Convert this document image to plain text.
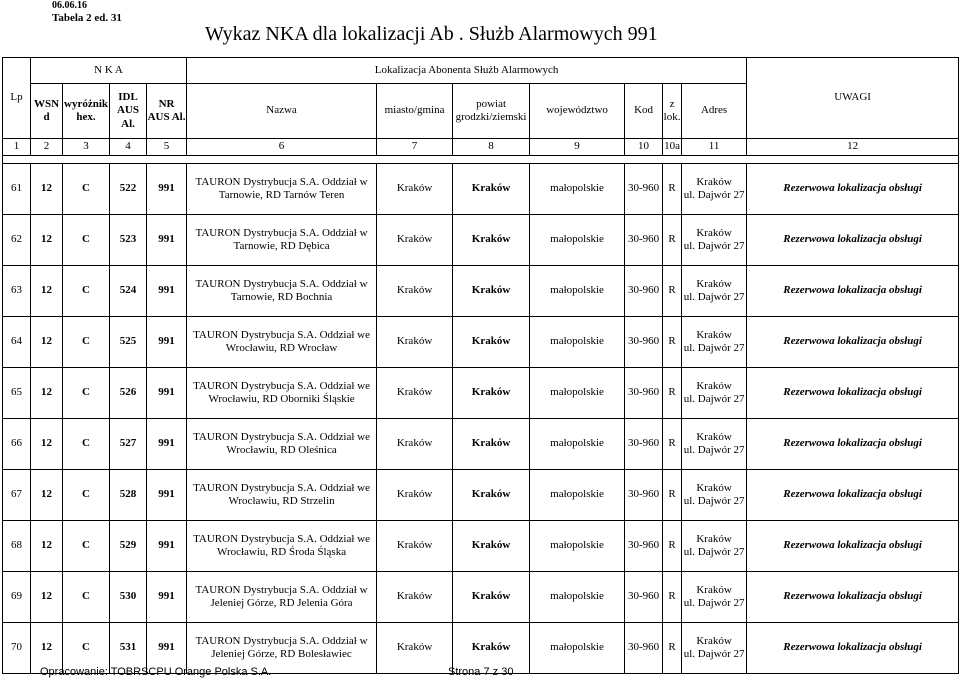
06.06.16
Tabela 2 ed. 31
Wykaz NKA dla lokalizacji Ab . Służb Alarmowych 991
Lp	N K A				Lokalizacja Abonenta Służb Alarmowych							UWAGI
	WSN d	wyróżnik hex.	IDL AUS Al.	NR AUS Al.	Nazwa	miasto/gmina	powiat grodzki/ziemski	województwo	Kod	z lok.	Adres	
1	2	3	4	5	6	7	8	9	10	10a	11	12

61	12	C	522	991	TAURON Dystrybucja S.A. Oddział w Tarnowie, RD Tarnów Teren	Kraków	Kraków	małopolskie	30-960	R	Kraków
ul. Dajwór 27	Rezerwowa lokalizacja obsługi
62	12	C	523	991	TAURON Dystrybucja S.A. Oddział w Tarnowie, RD Dębica	Kraków	Kraków	małopolskie	30-960	R	Kraków
ul. Dajwór 27	Rezerwowa lokalizacja obsługi
63	12	C	524	991	TAURON Dystrybucja S.A. Oddział w Tarnowie, RD Bochnia	Kraków	Kraków	małopolskie	30-960	R	Kraków
ul. Dajwór 27	Rezerwowa lokalizacja obsługi
64	12	C	525	991	TAURON Dystrybucja S.A. Oddział we Wrocławiu, RD Wrocław	Kraków	Kraków	małopolskie	30-960	R	Kraków
ul. Dajwór 27	Rezerwowa lokalizacja obsługi
65	12	C	526	991	TAURON Dystrybucja S.A. Oddział we Wrocławiu, RD Oborniki Śląskie	Kraków	Kraków	małopolskie	30-960	R	Kraków
ul. Dajwór 27	Rezerwowa lokalizacja obsługi
66	12	C	527	991	TAURON Dystrybucja S.A. Oddział we Wrocławiu, RD Oleśnica	Kraków	Kraków	małopolskie	30-960	R	Kraków
ul. Dajwór 27	Rezerwowa lokalizacja obsługi
67	12	C	528	991	TAURON Dystrybucja S.A. Oddział we Wrocławiu, RD Strzelin	Kraków	Kraków	małopolskie	30-960	R	Kraków
ul. Dajwór 27	Rezerwowa lokalizacja obsługi
68	12	C	529	991	TAURON Dystrybucja S.A. Oddział we Wrocławiu, RD Środa Śląska	Kraków	Kraków	małopolskie	30-960	R	Kraków
ul. Dajwór 27	Rezerwowa lokalizacja obsługi
69	12	C	530	991	TAURON Dystrybucja S.A. Oddział w Jeleniej Górze, RD Jelenia Góra	Kraków	Kraków	małopolskie	30-960	R	Kraków
ul. Dajwór 27	Rezerwowa lokalizacja obsługi
70	12	C	531	991	TAURON Dystrybucja S.A. Oddział w Jeleniej Górze, RD Bolesławiec	Kraków	Kraków	małopolskie	30-960	R	Kraków
ul. Dajwór 27	Rezerwowa lokalizacja obsługi
Opracowanie: TOBRSCPU Orange Polska S.A.	Strona 7 z 30
